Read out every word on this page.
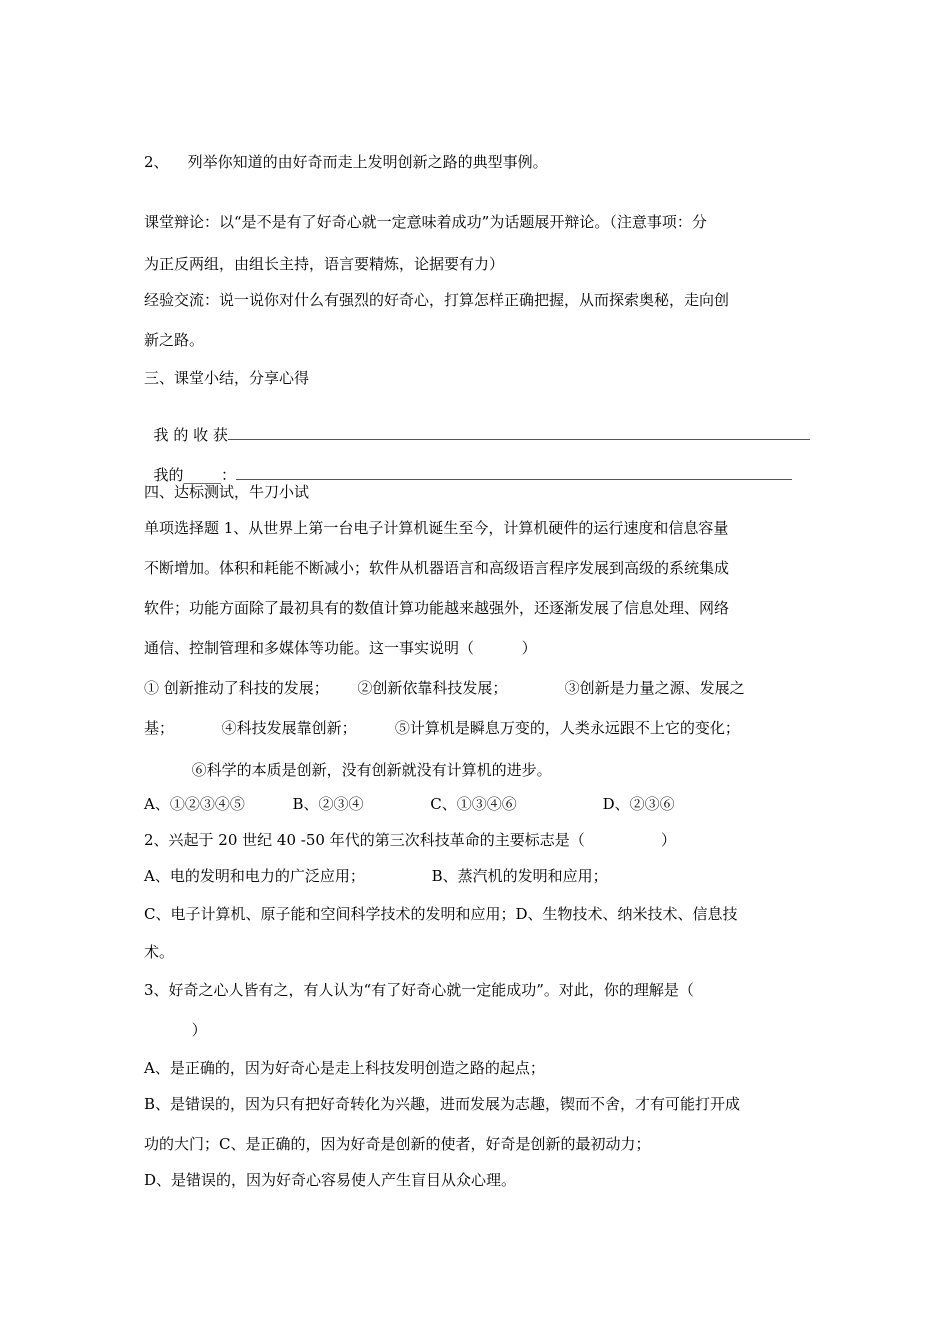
2、    列举你知道的由好奇而走上发明创新之路的典型事例。

课堂辩论：以“是不是有了好奇心就一定意味着成功”为话题展开辩论。（注意事项：分

为正反两组，由组长主持，语言要精炼，论据要有力）

经验交流：说一说你对什么有强烈的好奇心，打算怎样正确把握，从而探索奥秘，走向创

新之路。

三、课堂小结，分享心得

我 的 收 获

我的_____：

四、达标测试，牛刀小试

单项选择题 1、从世界上第一台电子计算机诞生至今，计算机硬件的运行速度和信息容量

不断增加。体积和耗能不断减小；软件从机器语言和高级语言程序发展到高级的系统集成

软件；功能方面除了最初具有的数值计算功能越来越强外，还逐渐发展了信息处理、网络

通信、控制管理和多媒体等功能。这一事实说明（          ）

① 创新推动了科技的发展；      ②创新依靠科技发展；            ③创新是力量之源、发展之

基；          ④科技发展靠创新；        ⑤计算机是瞬息万变的，人类永远跟不上它的变化；

⑥科学的本质是创新，没有创新就没有计算机的进步。

A、①②③④⑤          B、②③④              C、①③④⑥                  D、②③⑥

2、兴起于 20 世纪 40 -50 年代的第三次科技革命的主要标志是（                ）

A、电的发明和电力的广泛应用；              B、蒸汽机的发明和应用；

C、电子计算机、原子能和空间科学技术的发明和应用；D、生物技术、纳米技术、信息技

术。

3、好奇之心人皆有之，有人认为“有了好奇心就一定能成功”。对此，你的理解是（

）

A、是正确的，因为好奇心是走上科技发明创造之路的起点；

B、是错误的，因为只有把好奇转化为兴趣，进而发展为志趣，锲而不舍，才有可能打开成

功的大门；C、是正确的，因为好奇是创新的使者，好奇是创新的最初动力；

D、是错误的，因为好奇心容易使人产生盲目从众心理。
